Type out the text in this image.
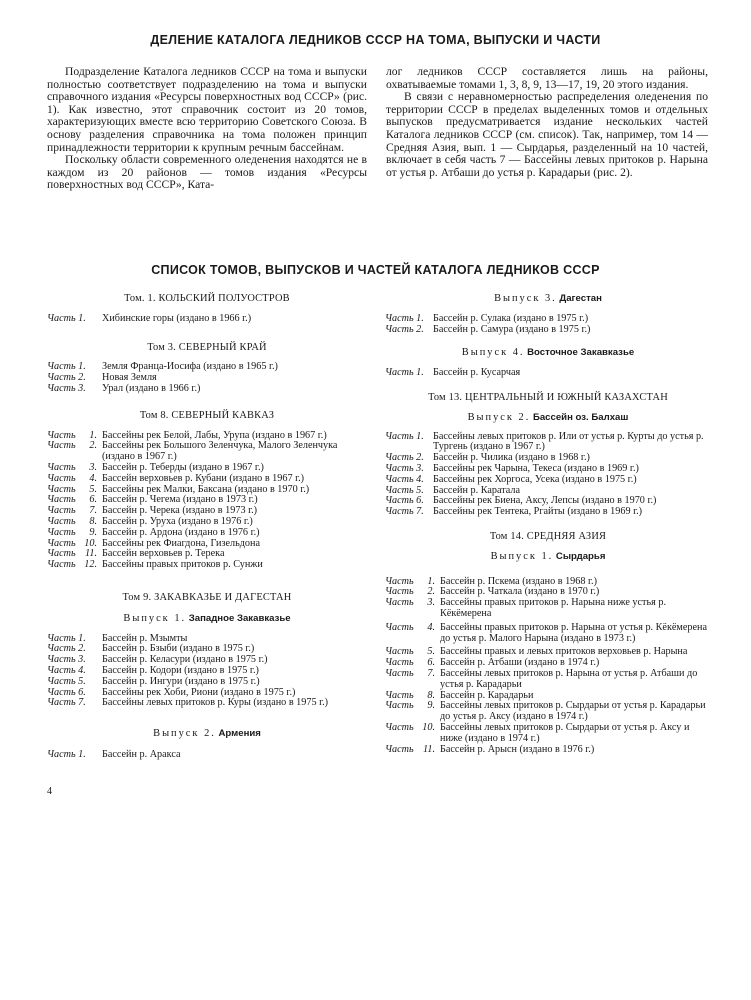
ДЕЛЕНИЕ КАТАЛОГА ЛЕДНИКОВ СССР НА ТОМА, ВЫПУСКИ И ЧАСТИ

Подразделение Каталога ледников СССР на тома и выпуски полностью соответствует подразделению на тома и выпуски справочного издания «Ресурсы поверхностных вод СССР» (рис. 1). Как известно, этот справочник состоит из 20 томов, характеризующих вместе всю территорию Советского Союза. В основу разделения справочника на тома положен принцип принадлежности территории к крупным речным бассейнам.

Поскольку области современного оледенения находятся не в каждом из 20 районов — томов издания «Ресурсы поверхностных вод СССР», Ката-

лог ледников СССР составляется лишь на районы, охватываемые томами 1, 3, 8, 9, 13—17, 19, 20 этого издания.

В связи с неравномерностью распределения оледенения по территории СССР в пределах выделенных томов и отдельных выпусков предусматривается издание нескольких частей Каталога ледников СССР (см. список). Так, например, том 14 — Средняя Азия, вып. 1 — Сырдарья, разделенный на 10 частей, включает в себя часть 7 — Бассейны левых притоков р. Нарына от устья р. Атбаши до устья р. Карадарьи (рис. 2).

СПИСОК ТОМОВ, ВЫПУСКОВ И ЧАСТЕЙ КАТАЛОГА ЛЕДНИКОВ СССР

Том. 1. КОЛЬСКИЙ ПОЛУОСТРОВ

Часть 1.	Хибинские горы (издано в 1966 г.)

Том 3. СЕВЕРНЫЙ КРАЙ

Часть 1.	Земля Франца-Иосифа (издано в 1965 г.)
Часть 2.	Новая Земля
Часть 3.	Урал (издано в 1966 г.)

Том 8. СЕВЕРНЫЙ КАВКАЗ

Часть	1. Бассейны рек Белой, Лабы, Урупа (издано в 1967 г.)
Часть	2. Бассейны рек Большого Зеленчука, Малого Зеленчука (издано в 1967 г.)
Часть	3. Бассейн р. Теберды (издано в 1967 г.)
Часть	4. Бассейн верховьев р. Кубани (издано в 1967 г.)
Часть	5. Бассейны рек Малки, Баксана (издано в 1970 г.)
Часть	6. Бассейн р. Чегема (издано в 1973 г.)
Часть	7. Бассейн р. Черека (издано в 1973 г.)
Часть	8. Бассейн р. Уруха (издано в 1976 г.)
Часть	9. Бассейн р. Ардона (издано в 1976 г.)
Часть 10. Бассейны рек Фиагдона, Гизельдона
Часть 11. Бассейн верховьев р. Терека
Часть 12. Бассейны правых притоков р. Сунжи

Том 9. ЗАКАВКАЗЬЕ И ДАГЕСТАН

Выпуск 1. Западное Закавказье

Часть 1.	Бассейн р. Мзымты
Часть 2.	Бассейн р. Бзыби (издано в 1975 г.)
Часть 3.	Бассейн р. Келасури (издано в 1975 г.)
Часть 4.	Бассейн р. Кодори (издано в 1975 г.)
Часть 5.	Бассейн р. Ингури (издано в 1975 г.)
Часть 6.	Бассейны рек Хоби, Риони (издано в 1975 г.)
Часть 7.	Бассейны левых притоков р. Куры (издано в 1975 г.)

Выпуск 2. Армения

Часть 1.	Бассейн р. Аракса
4

Выпуск 3. Дагестан

Часть 1. Бассейн р. Сулака (издано в 1975 г.)
Часть 2. Бассейн р. Самура (издано в 1975 г.)

Выпуск 4. Восточное Закавказье

Часть 1. Бассейн р. Кусарчая

Том 13. ЦЕНТРАЛЬНЫЙ И ЮЖНЫЙ КАЗАХСТАН

Выпуск 2. Бассейн оз. Балхаш

Часть 1. Бассейны левых притоков р. Или от устья р. Курты до устья р. Тургень (издано в 1967 г.)
Часть 2. Бассейн р. Чилика (издано в 1968 г.)
Часть 3. Бассейны рек Чарына, Текеса (издано в 1969 г.)
Часть 4. Бассейны рек Хоргоса, Усека (издано в 1975 г.)
Часть 5. Бассейн р. Каратала
Часть 6. Бассейны рек Биена, Аксу, Лепсы (издано в 1970 г.)
Часть 7. Бассейны рек Тентека, Ргайты (издано в 1969 г.)

Том 14. СРЕДНЯЯ АЗИЯ

Выпуск 1. Сырдарья

Часть	1. Бассейн р. Пскема (издано в 1968 г.)
Часть	2. Бассейн р. Чаткала (издано в 1970 г.)
Часть	3. Бассейны правых притоков р. Нарына ниже устья р. Кёкёмерена
Часть	4. Бассейны правых притоков р. Нарына от устья р. Кёкёмерена до устья р. Малого Нарына (издано в 1973 г.)
Часть	5. Бассейны правых и левых притоков верховьев р. Нарына
Часть	6. Бассейн р. Атбаши (издано в 1974 г.)
Часть	7. Бассейны левых притоков р. Нарына от устья р. Атбаши до устья р. Карадарьи
Часть	8. Бассейн р. Карадарьи
Часть	9. Бассейны левых притоков р. Сырдарьи от устья р. Карадарьи до устья р. Аксу (издано в 1974 г.)
Часть 10. Бассейны левых притоков р. Сырдарьи от устья р. Аксу и ниже (издано в 1974 г.)
Часть 11. Бассейн р. Арысн (издано в 1976 г.)
